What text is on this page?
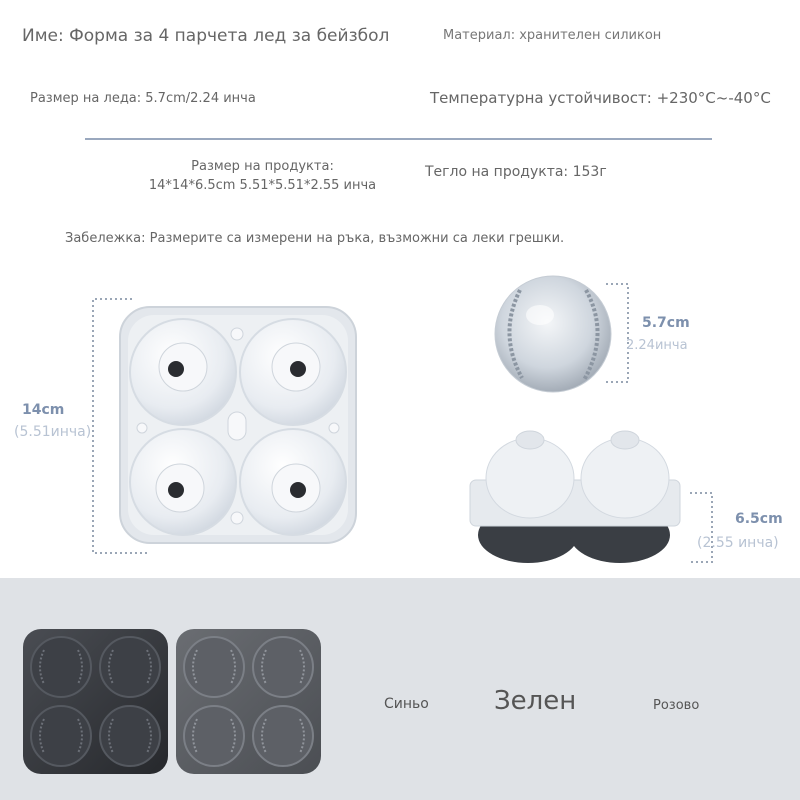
Име: Форма за 4 парчета лед за бейзбол	Материал: хранителен силикон
Размер на леда: 5.7cm/2.24 инча	Температурна устойчивост: +230°C~-40°C
Размер на продукта:
14*14*6.5cm 5.51*5.51*2.55 инча
Тегло на продукта: 153г
Забележка: Размерите са измерени на ръка, възможни са леки грешки.
14cm
(5.51инча)
5.7cm
2.24инча
6.5cm
(2.55 инча)
Синьо	Зелен	Розово
